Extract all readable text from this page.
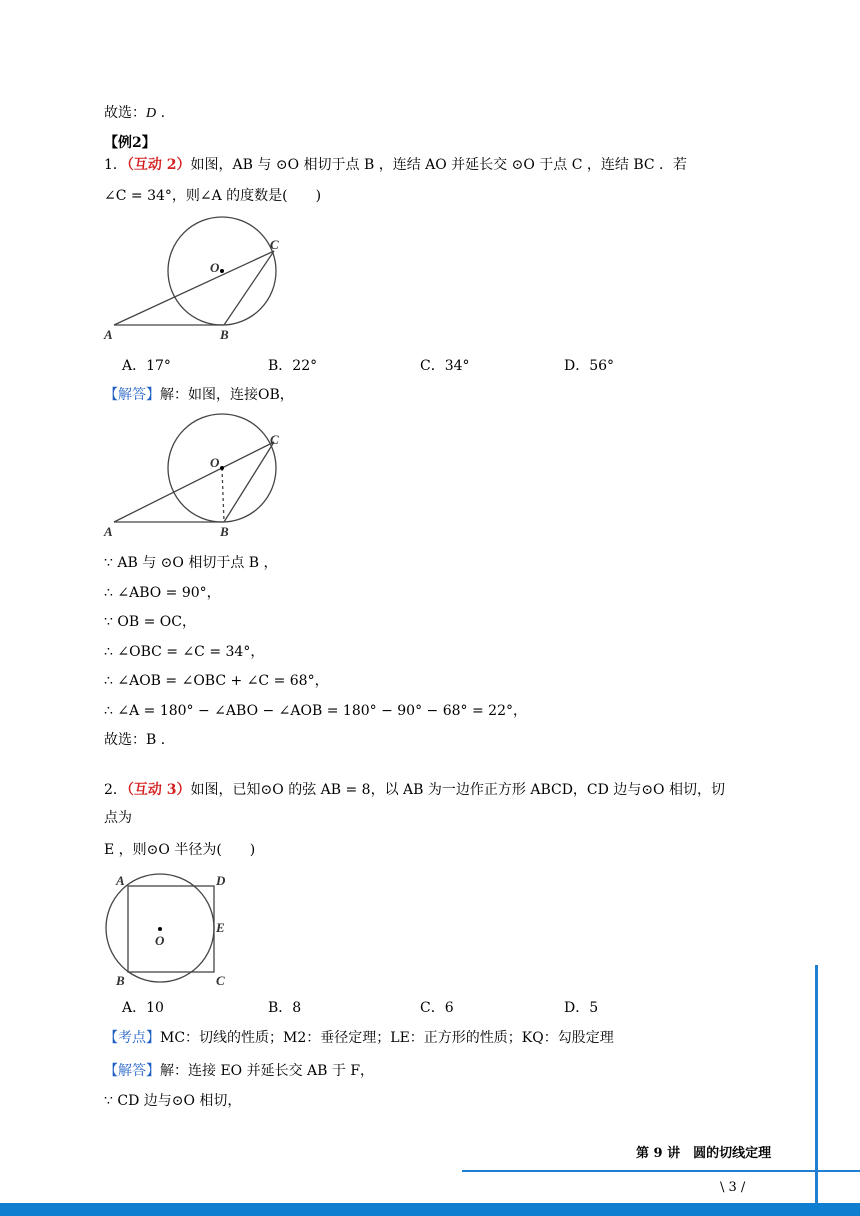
故选：D .
【例2】
1．（互动 2）如图，AB 与 ⊙O 相切于点 B ，连结 AO 并延长交 ⊙O 于点 C ，连结 BC ．若
∠C = 34°，则∠A 的度数是(　　)
O
C
A	B
A．17°	B．22°	C．34°	D．56°
【解答】解：如图，连接OB，
O
C
A	B
∵ AB 与 ⊙O 相切于点 B ，
∴ ∠ABO = 90°，
∵ OB = OC，
∴ ∠OBC = ∠C = 34°，
∴ ∠AOB = ∠OBC + ∠C = 68°，
∴ ∠A = 180° − ∠ABO − ∠AOB = 180° − 90° − 68° = 22°，
故选：B ．
2．（互动 3）如图，已知⊙O 的弦 AB = 8，以 AB 为一边作正方形 ABCD，CD 边与⊙O 相切，切
点为
E ，则⊙O 半径为(　　)
A	D
E
O
B	C
A．10	B．8	C．6	D．5
【考点】MC：切线的性质；M2：垂径定理；LE：正方形的性质；KQ：勾股定理
【解答】解：连接 EO 并延长交 AB 于 F，
∵ CD 边与⊙O 相切，
第 9 讲　圆的切线定理
\ 3 /
